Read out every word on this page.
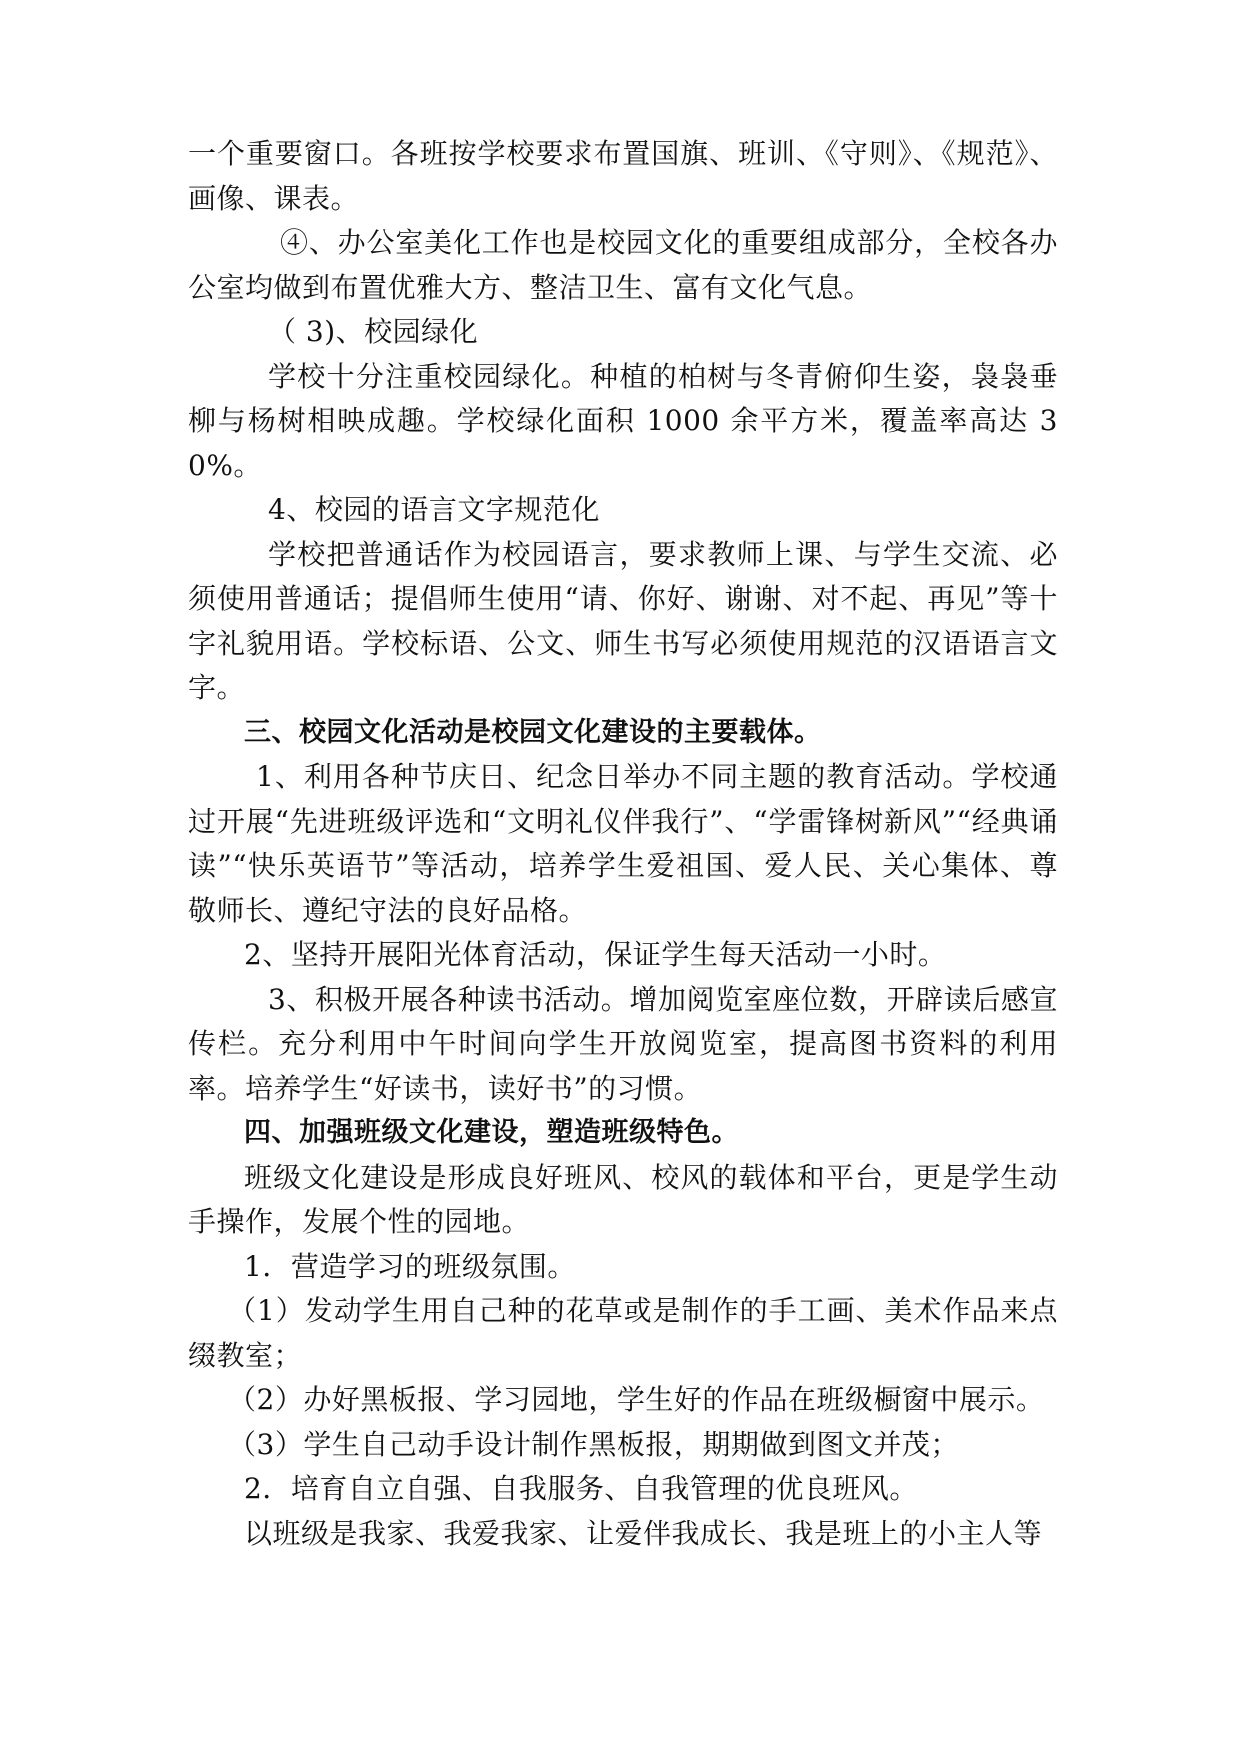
一个重要窗口。各班按学校要求布置国旗、班训、《守则》、《规范》、画像、课表。

④、办公室美化工作也是校园文化的重要组成部分，全校各办公室均做到布置优雅大方、整洁卫生、富有文化气息。

（ 3)、校园绿化

学校十分注重校园绿化。种植的柏树与冬青俯仰生姿，袅袅垂柳与杨树相映成趣。学校绿化面积 1000 余平方米，覆盖率高达 30%。

4、校园的语言文字规范化

学校把普通话作为校园语言，要求教师上课、与学生交流、必须使用普通话；提倡师生使用“请、你好、谢谢、对不起、再见”等十字礼貌用语。学校标语、公文、师生书写必须使用规范的汉语语言文字。

三、校园文化活动是校园文化建设的主要载体。

1、利用各种节庆日、纪念日举办不同主题的教育活动。学校通过开展“先进班级评选和“文明礼仪伴我行”、“学雷锋树新风”“经典诵读”“快乐英语节”等活动，培养学生爱祖国、爱人民、关心集体、尊敬师长、遵纪守法的良好品格。

2、坚持开展阳光体育活动，保证学生每天活动一小时。

3、积极开展各种读书活动。增加阅览室座位数，开辟读后感宣传栏。充分利用中午时间向学生开放阅览室，提高图书资料的利用率。培养学生“好读书，读好书”的习惯。

四、加强班级文化建设，塑造班级特色。

班级文化建设是形成良好班风、校风的载体和平台，更是学生动手操作，发展个性的园地。

1．营造学习的班级氛围。

（1）发动学生用自己种的花草或是制作的手工画、美术作品来点缀教室；

（2）办好黑板报、学习园地，学生好的作品在班级橱窗中展示。

（3）学生自己动手设计制作黑板报，期期做到图文并茂；

2．培育自立自强、自我服务、自我管理的优良班风。

以班级是我家、我爱我家、让爱伴我成长、我是班上的小主人等
